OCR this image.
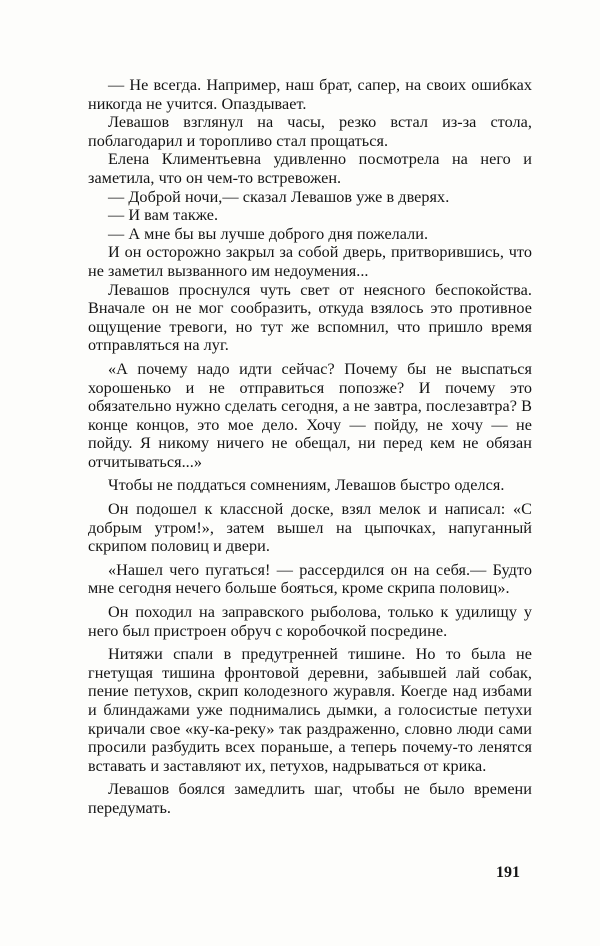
— Не всегда. Например, наш брат, сапер, на своих ошибках никогда не учится. Опаздывает.

Левашов взглянул на часы, резко встал из-за стола, поблагодарил и торопливо стал прощаться.

Елена Климентьевна удивленно посмотрела на него и заметила, что он чем-то встревожен.

— Доброй ночи,— сказал Левашов уже в дверях.

— И вам также.

— А мне бы вы лучше доброго дня пожелали.

И он осторожно закрыл за собой дверь, притворившись, что не заметил вызванного им недоумения...

Левашов проснулся чуть свет от неясного беспокойства. Вначале он не мог сообразить, откуда взялось это противное ощущение тревоги, но тут же вспомнил, что пришло время отправляться на луг.

«А почему надо идти сейчас? Почему бы не выспаться хорошенько и не отправиться попозже? И почему это обязательно нужно сделать сегодня, а не завтра, послезавтра? В конце концов, это мое дело. Хочу — пойду, не хочу — не пойду. Я никому ничего не обещал, ни перед кем не обязан отчитываться...»

Чтобы не поддаться сомнениям, Левашов быстро оделся.

Он подошел к классной доске, взял мелок и написал: «С добрым утром!», затем вышел на цыпочках, напуганный скрипом половиц и двери.

«Нашел чего пугаться! — рассердился он на себя.— Будто мне сегодня нечего больше бояться, кроме скрипа половиц».

Он походил на заправского рыболова, только к удилищу у него был пристроен обруч с коробочкой посредине.

Нитяжи спали в предутренней тишине. Но то была не гнетущая тишина фронтовой деревни, забывшей лай собак, пение петухов, скрип колодезного журавля. Коегде над избами и блиндажами уже поднимались дымки, а голосистые петухи кричали свое «ку-ка-реку» так раздраженно, словно люди сами просили разбудить всех пораньше, а теперь почему-то ленятся вставать и заставляют их, петухов, надрываться от крика.

Левашов боялся замедлить шаг, чтобы не было времени передумать.

191
